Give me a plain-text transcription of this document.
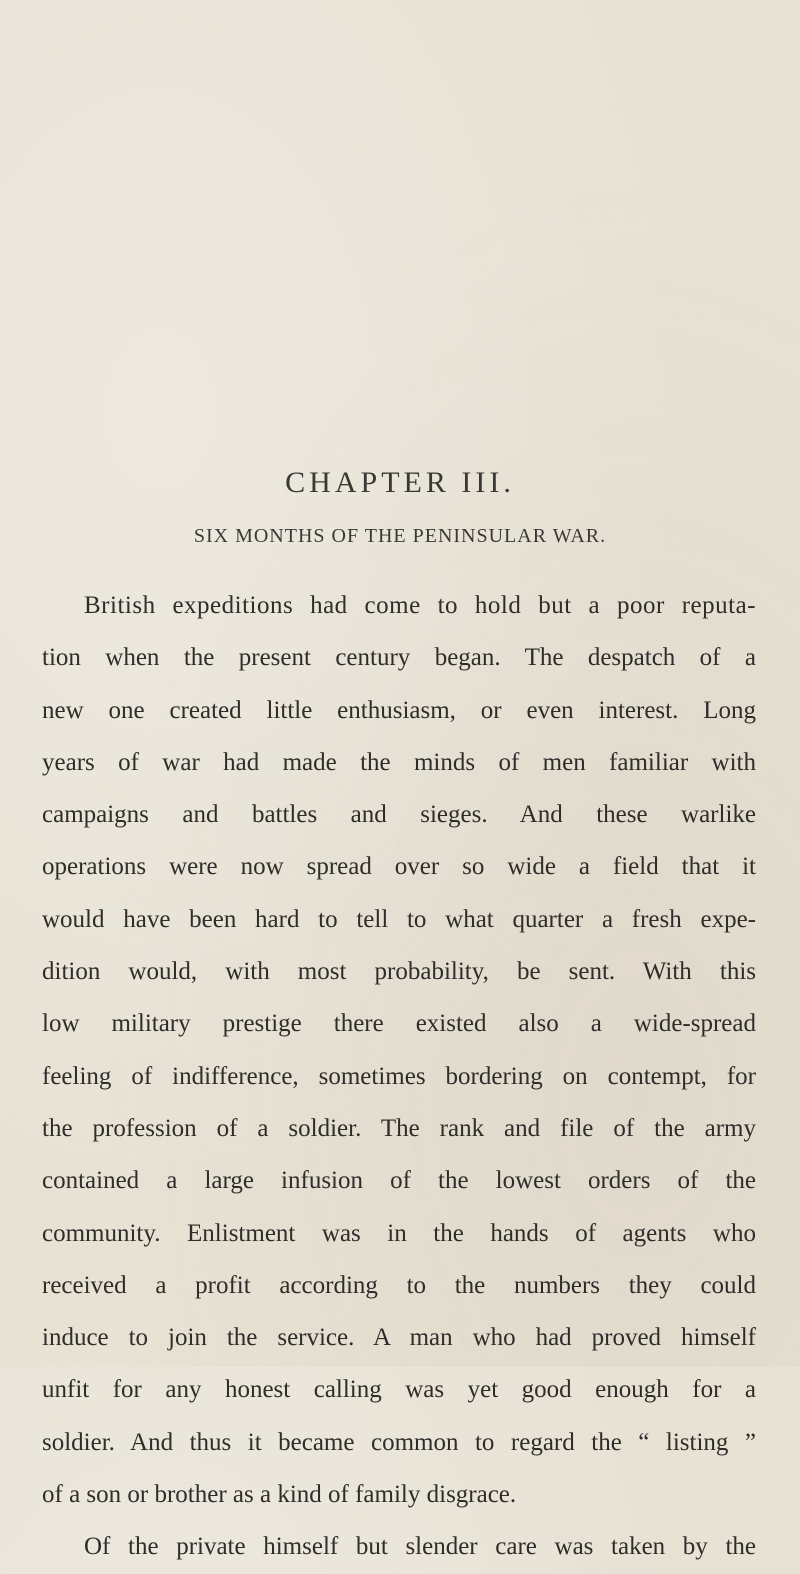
CHAPTER III.
SIX MONTHS OF THE PENINSULAR WAR.
British expeditions had come to hold but a poor reputa-
tion when the present century began. The despatch of a
new one created little enthusiasm, or even interest. Long
years of war had made the minds of men familiar with
campaigns and battles and sieges. And these warlike
operations were now spread over so wide a field that it
would have been hard to tell to what quarter a fresh expe-
dition would, with most probability, be sent. With this
low military prestige there existed also a wide-spread
feeling of indifference, sometimes bordering on contempt, for
the profession of a soldier. The rank and file of the army
contained a large infusion of the lowest orders of the
community. Enlistment was in the hands of agents who
received a profit according to the numbers they could
induce to join the service. A man who had proved himself
unfit for any honest calling was yet good enough for a
soldier. And thus it became common to regard the “ listing ”
of a son or brother as a kind of family disgrace.
Of the private himself but slender care was taken by the
